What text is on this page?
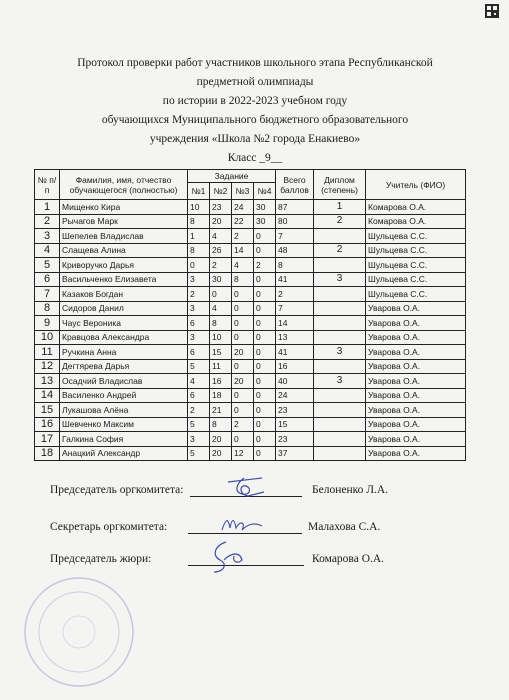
Протокол проверки работ участников школьного этапа Республиканской
предметной олимпиады
по истории в 2022-2023 учебном году
обучающихся Муниципального бюджетного образовательного
учреждения «Школа №2 города Енакиево»
Класс _9__
№ п/п	Фамилия, имя, отчество обучающегося (полностью)	Задание				Всего баллов	Диплом (степень)	Учитель (ФИО)
		№1	№2	№3	№4			
1	Мищенко Кира	10	23	24	30	87	1	Комарова О.А.
2	Рычагов Марк	8	20	22	30	80	2	Комарова О.А.
3	Шепелев Владислав	1	4	2	0	7		Шульцева С.С.
4	Слащева Алина	8	26	14	0	48	2	Шульцева С.С.
5	Криворучко Дарья	0	2	4	2	8		Шульцева С.С.
6	Васильченко Елизавета	3	30	8	0	41	3	Шульцева С.С.
7	Казаков Богдан	2	0	0	0	2		Шульцева С.С.
8	Сидоров Данил	3	4	0	0	7		Уварова О.А.
9	Чаус Вероника	6	8	0	0	14		Уварова О.А.
10	Кравцова Александра	3	10	0	0	13		Уварова О.А.
11	Ручкина Анна	6	15	20	0	41	3	Уварова О.А.
12	Дегтярева Дарья	5	11	0	0	16		Уварова О.А.
13	Осадчий Владислав	4	16	20	0	40	3	Уварова О.А.
14	Василенко Андрей	6	18	0	0	24		Уварова О.А.
15	Лукашова Алёна	2	21	0	0	23		Уварова О.А.
16	Шевченко Максим	5	8	2	0	15		Уварова О.А.
17	Галкина София	3	20	0	0	23		Уварова О.А.
18	Анацкий Александр	5	20	12	0	37		Уварова О.А.
Председатель оргкомитета:	Белоненко Л.А.
Секретарь оргкомитета:	Малахова С.А.
Председатель жюри:	Комарова О.А.
